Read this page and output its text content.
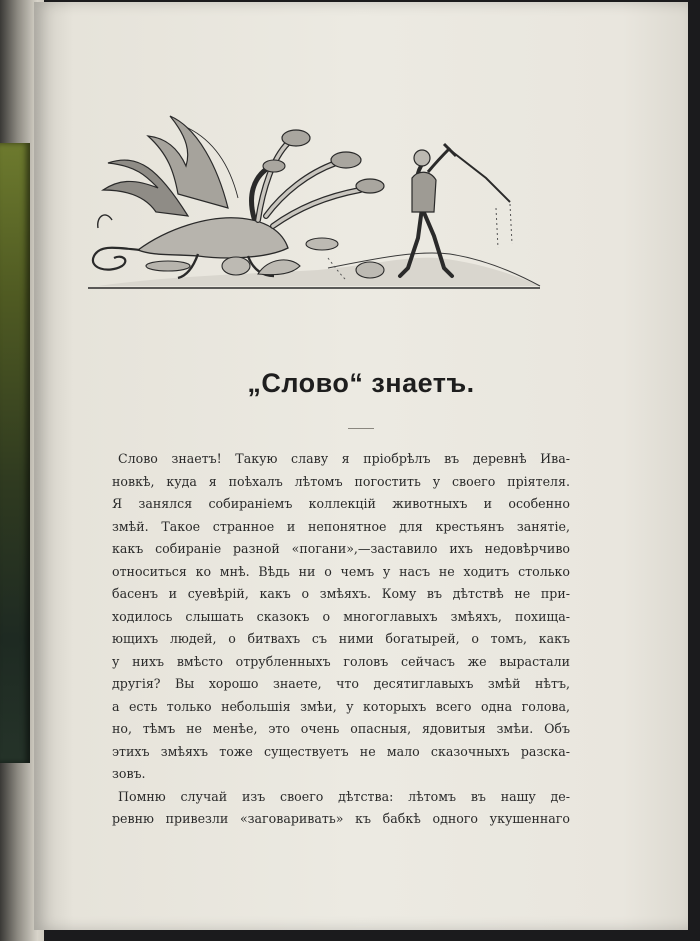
„Слово“ знаетъ.
Слово знаетъ! Такую славу я пріобрѣлъ въ деревнѣ Ива-
новкѣ, куда я поѣхалъ лѣтомъ погостить у своего пріятеля.
Я занялся собираніемъ коллекцій животныхъ и особенно
змѣй. Такое странное и непонятное для крестьянъ занятіе,
какъ собираніе разной «погани»,—заставило ихъ недовѣрчиво
относиться ко мнѣ. Вѣдь ни о чемъ у насъ не ходитъ столько
басенъ и суевѣрій, какъ о змѣяхъ. Кому въ дѣтствѣ не при-
ходилось слышать сказокъ о многоглавыхъ змѣяхъ, похища-
ющихъ людей, о битвахъ съ ними богатырей, о томъ, какъ
у нихъ вмѣсто отрубленныхъ головъ сейчасъ же вырастали
другія? Вы хорошо знаете, что десятиглавыхъ змѣй нѣтъ,
а есть только небольшія змѣи, у которыхъ всего одна голова,
но, тѣмъ не менѣе, это очень опасныя, ядовитыя змѣи. Объ
этихъ змѣяхъ тоже существуетъ не мало сказочныхъ разска-
зовъ.
Помню случай изъ своего дѣтства: лѣтомъ въ нашу де-
ревню привезли «заговаривать» къ бабкѣ одного укушеннаго
